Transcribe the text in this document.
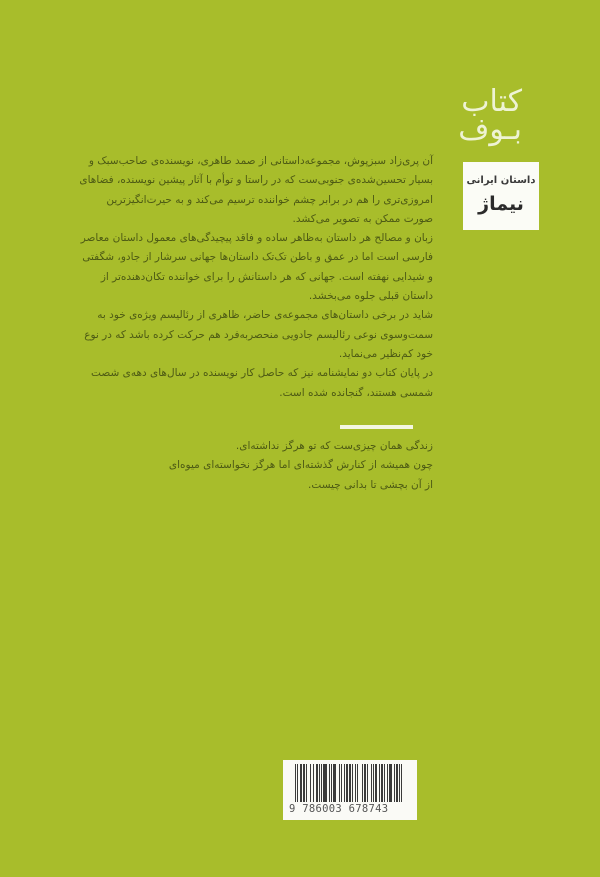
کتاب
بـوف
داستان ایرانی
نیماژ

آن پری‌زاد سبزپوش، مجموعه‌داستانی از صمد طاهری، نویسنده‌ی صاحب‌سبک و بسیار تحسین‌شده‌ی جنوبی‌ست که در راستا و توأم با آثار پیشین نویسنده، فضاهای امروزی‌تری را هم در برابر چشم خواننده ترسیم می‌کند و به حیرت‌انگیزترین صورت ممکن به تصویر می‌کشد.

زبان و مصالح هر داستان به‌ظاهر ساده و فاقد پیچیدگی‌های معمول داستان معاصر فارسی است اما در عمق و باطن تک‌تک داستان‌ها جهانی سرشار از جادو، شگفتی و شیدایی نهفته است. جهانی که هر داستانش را برای خواننده تکان‌دهنده‌تر از داستان قبلی جلوه می‌بخشد.

شاید در برخی داستان‌های مجموعه‌ی حاضر، ظاهری از رئالیسم ویژه‌ی خود به سمت‌وسوی نوعی رئالیسم جادویی منحصربه‌فرد هم حرکت کرده باشد که در نوع خود کم‌نظیر می‌نماید.

در پایان کتاب دو نمایشنامه نیز که حاصل کار نویسنده در سال‌های دهه‌ی شصت شمسی هستند، گنجانده شده است.

زندگی همان چیزی‌ست که تو هرگز نداشته‌ای.

چون همیشه از کنارش گذشته‌ای اما هرگز نخواسته‌ای میوه‌ای

از آن بچشی تا بدانی چیست.

9 786003 678743
